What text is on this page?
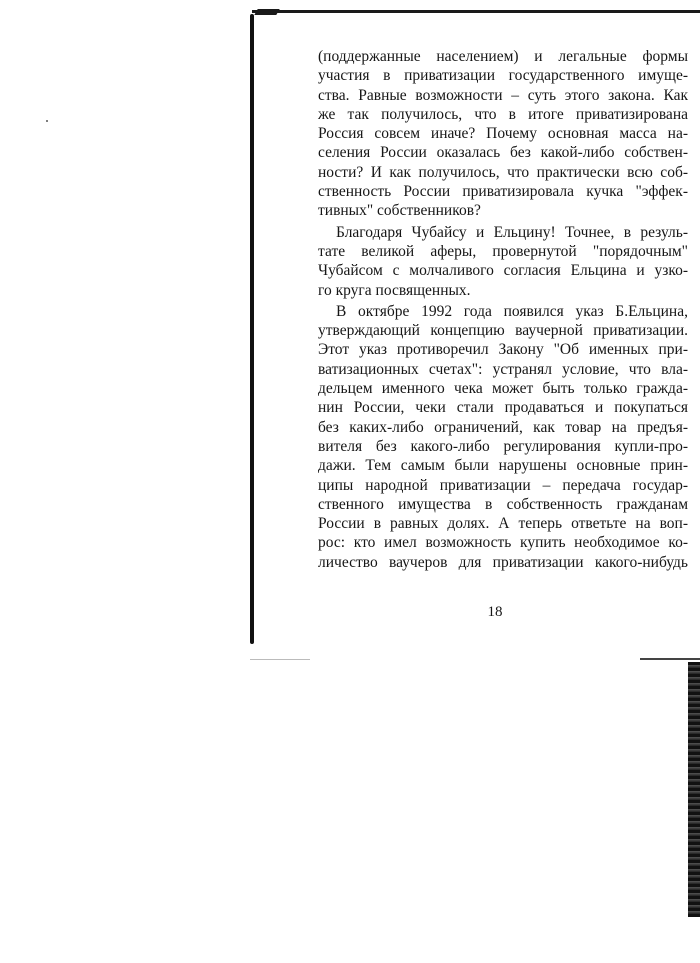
(поддержанные населением) и легальные формы
участия в приватизации государственного имуще-
ства. Равные возможности – суть этого закона. Как
же так получилось, что в итоге приватизирована
Россия совсем иначе? Почему основная масса на-
селения России оказалась без какой-либо собствен-
ности? И как получилось, что практически всю соб-
ственность России приватизировала кучка "эффек-
тивных" собственников?

Благодаря Чубайсу и Ельцину! Точнее, в резуль-
тате великой аферы, провернутой "порядочным"
Чубайсом с молчаливого согласия Ельцина и узко-
го круга посвященных.

В октябре 1992 года появился указ Б.Ельцина,
утверждающий концепцию ваучерной приватизации.
Этот указ противоречил Закону "Об именных при-
ватизационных счетах": устранял условие, что вла-
дельцем именного чека может быть только гражда-
нин России, чеки стали продаваться и покупаться
без каких-либо ограничений, как товар на предъя-
вителя без какого-либо регулирования купли-про-
дажи. Тем самым были нарушены основные прин-
ципы народной приватизации – передача государ-
ственного имущества в собственность гражданам
России в равных долях. А теперь ответьте на воп-
рос: кто имел возможность купить необходимое ко-
личество ваучеров для приватизации какого-нибудь

18
